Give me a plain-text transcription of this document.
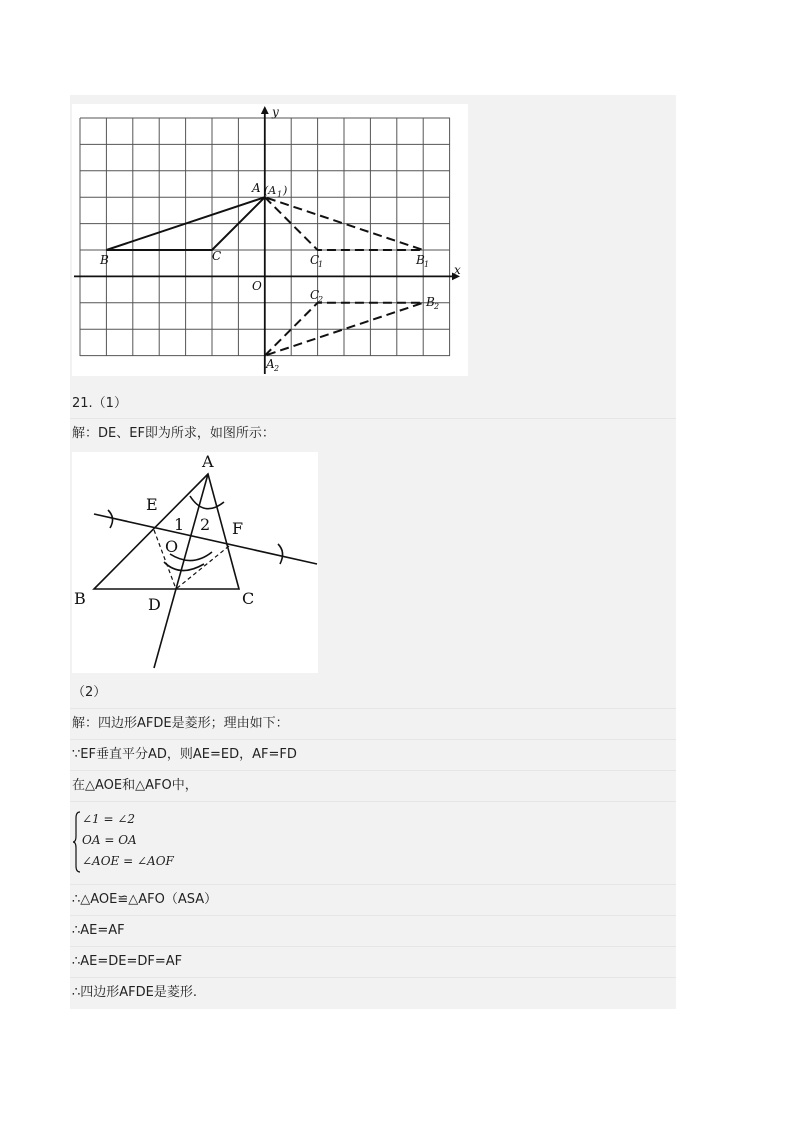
y
x
O
A (A 1 )
B	C	C
1	B 1
C
2	B 2
A 2
21.（1）
解：DE、EF即为所求，如图所示：
A
B	C
D
E
F
O
1 2
（2）
解：四边形AFDE是菱形；理由如下：
∵EF垂直平分AD，则AE=ED，AF=FD
在△AOE和△AFO中，
∠1 = ∠2
OA = OA
∠AOE = ∠AOF
∴△AOE≌△AFO（ASA）
∴AE=AF
∴AE=DE=DF=AF
∴四边形AFDE是菱形.
